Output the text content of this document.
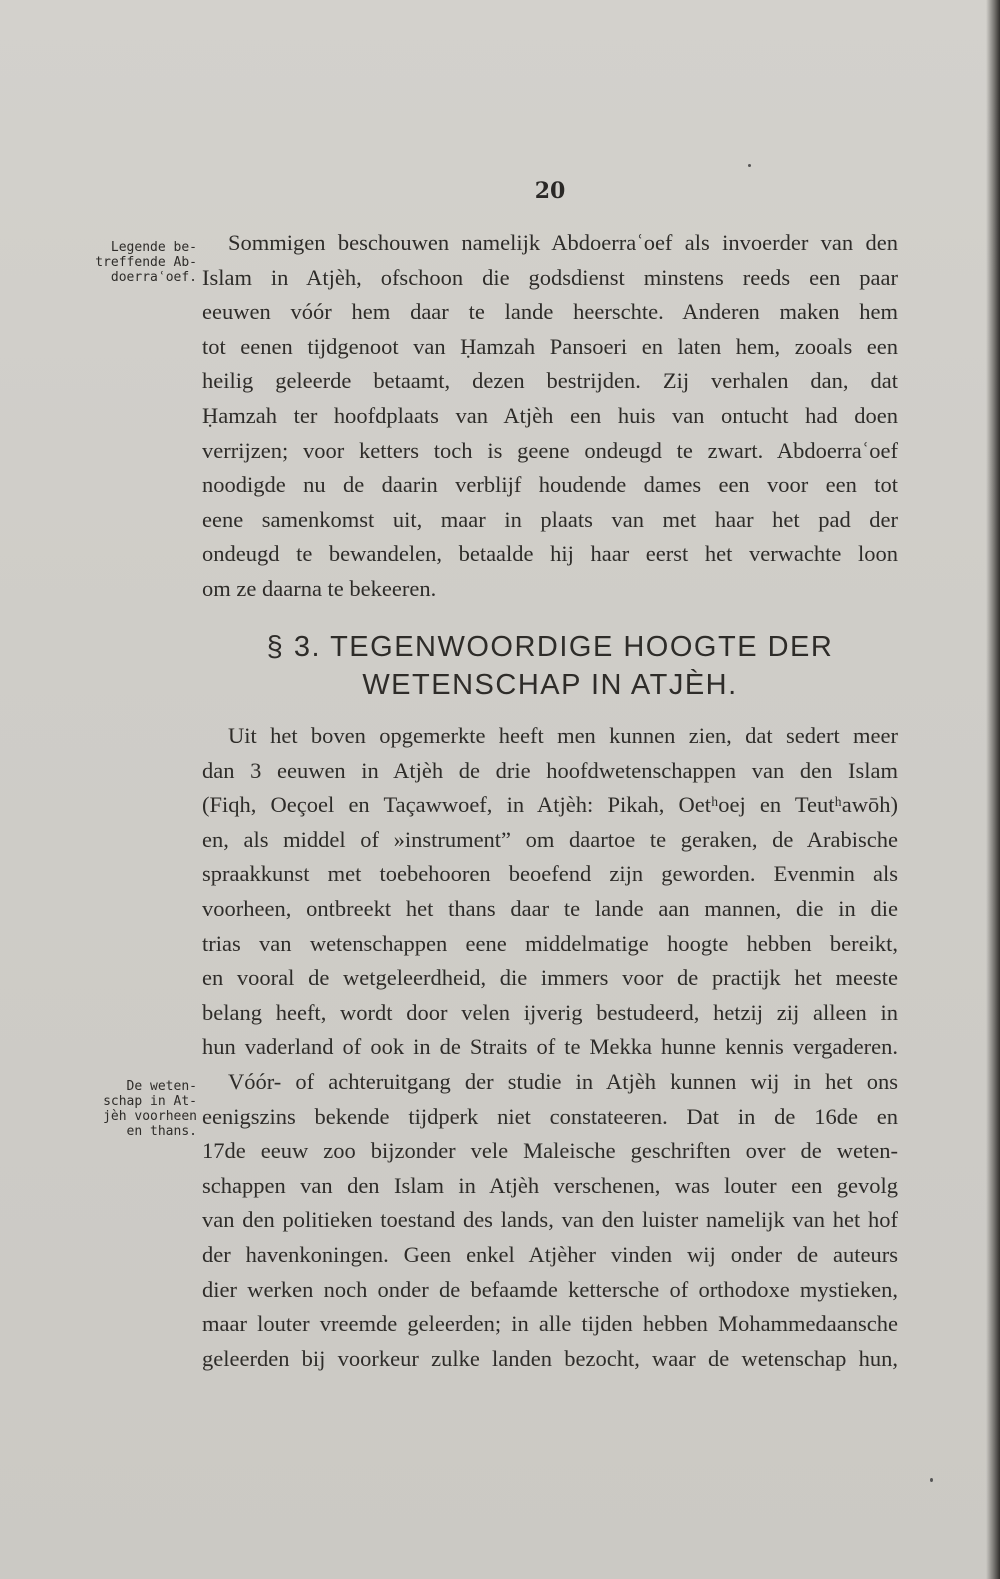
20
Legende be-
treffende Ab-
doerraʿoef.
De weten-
schap in At-
jèh voorheen
en thans.
Sommigen beschouwen namelijk Abdoerraʿoef als invoerder van den
Islam in Atjèh, ofschoon die godsdienst minstens reeds een paar
eeuwen vóór hem daar te lande heerschte. Anderen maken hem
tot eenen tijdgenoot van Ḥamzah Pansoeri en laten hem, zooals een
heilig geleerde betaamt, dezen bestrijden. Zij verhalen dan, dat
Ḥamzah ter hoofdplaats van Atjèh een huis van ontucht had doen
verrijzen; voor ketters toch is geene ondeugd te zwart. Abdoerraʿoef
noodigde nu de daarin verblijf houdende dames een voor een tot
eene samenkomst uit, maar in plaats van met haar het pad der
ondeugd te bewandelen, betaalde hij haar eerst het verwachte loon
om ze daarna te bekeeren.
§ 3. TEGENWOORDIGE HOOGTE DER
WETENSCHAP IN ATJÈH.
Uit het boven opgemerkte heeft men kunnen zien, dat sedert meer
dan 3 eeuwen in Atjèh de drie hoofdwetenschappen van den Islam
(Fiqh, Oeçoel en Taçawwoef, in Atjèh: Pikah, Oetʰoej en Teutʰawōh)
en, als middel of »instrument” om daartoe te geraken, de Arabische
spraakkunst met toebehooren beoefend zijn geworden. Evenmin als
voorheen, ontbreekt het thans daar te lande aan mannen, die in die
trias van wetenschappen eene middelmatige hoogte hebben bereikt,
en vooral de wetgeleerdheid, die immers voor de practijk het meeste
belang heeft, wordt door velen ijverig bestudeerd, hetzij zij alleen in
hun vaderland of ook in de Straits of te Mekka hunne kennis vergaderen.
Vóór- of achteruitgang der studie in Atjèh kunnen wij in het ons
eenigszins bekende tijdperk niet constateeren. Dat in de 16de en
17de eeuw zoo bijzonder vele Maleische geschriften over de weten-
schappen van den Islam in Atjèh verschenen, was louter een gevolg
van den politieken toestand des lands, van den luister namelijk van het hof
der havenkoningen. Geen enkel Atjèher vinden wij onder de auteurs
dier werken noch onder de befaamde kettersche of orthodoxe mystieken,
maar louter vreemde geleerden; in alle tijden hebben Mohammedaansche
geleerden bij voorkeur zulke landen bezocht, waar de wetenschap hun,
